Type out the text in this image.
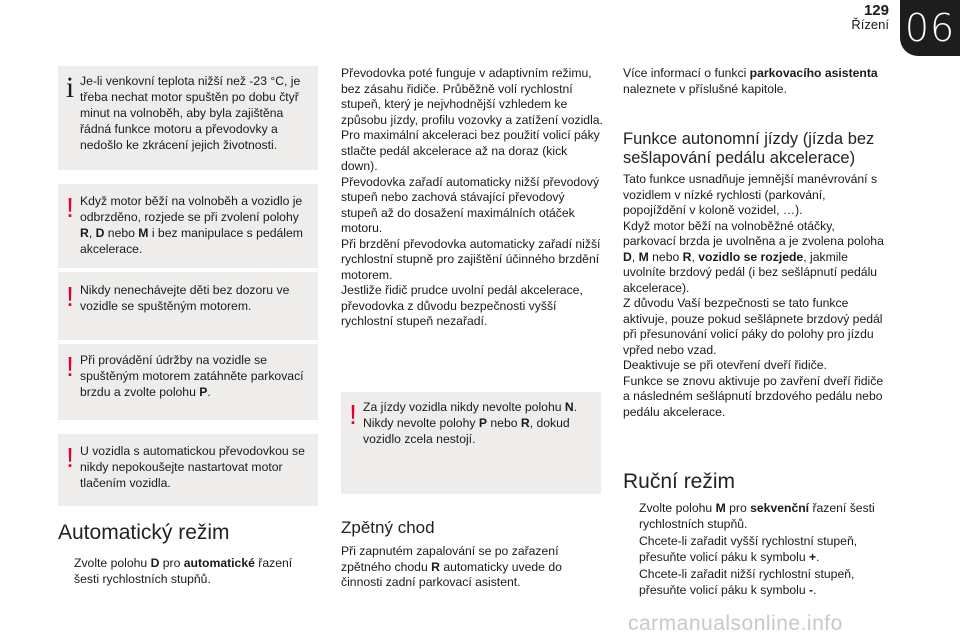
129
Řízení 06
i Je-li venkovní teplota nižší než -23 °C, je třeba nechat motor spuštěn po dobu čtyř minut na volnoběh, aby byla zajištěna řádná funkce motoru a převodovky a nedošlo ke zkrácení jejich životnosti.
! Když motor běží na volnoběh a vozidlo je odbrzděno, rozjede se při zvolení polohy R, D nebo M i bez manipulace s pedálem akcelerace.
! Nikdy nenechávejte děti bez dozoru ve vozidle se spuštěným motorem.
! Při provádění údržby na vozidle se spuštěným motorem zatáhněte parkovací brzdu a zvolte polohu P.
! U vozidla s automatickou převodovkou se nikdy nepokoušejte nastartovat motor tlačením vozidla.
Automatický režim
Zvolte polohu D pro automatické řazení šesti rychlostních stupňů.
Převodovka poté funguje v adaptivním režimu, bez zásahu řidiče. Průběžně volí rychlostní stupeň, který je nejvhodnější vzhledem ke způsobu jízdy, profilu vozovky a zatížení vozidla.
Pro maximální akceleraci bez použití volicí páky stlačte pedál akcelerace až na doraz (kick down).
Převodovka zařadí automaticky nižší převodový stupeň nebo zachová stávající převodový stupeň až do dosažení maximálních otáček motoru.
Při brzdění převodovka automaticky zařadí nižší rychlostní stupně pro zajištění účinného brzdění motorem.
Jestliže řidič prudce uvolní pedál akcelerace, převodovka z důvodu bezpečnosti vyšší rychlostní stupeň nezařadí.
! Za jízdy vozidla nikdy nevolte polohu N.
Nikdy nevolte polohy P nebo R, dokud vozidlo zcela nestojí.
Zpětný chod
Při zapnutém zapalování se po zařazení zpětného chodu R automaticky uvede do činnosti zadní parkovací asistent.
Více informací o funkci parkovacího asistenta naleznete v příslušné kapitole.
Funkce autonomní jízdy (jízda bez sešlapování pedálu akcelerace)
Tato funkce usnadňuje jemnější manévrování s vozidlem v nízké rychlosti (parkování, popojíždění v koloně vozidel, …).
Když motor běží na volnoběžné otáčky, parkovací brzda je uvolněna a je zvolena poloha D, M nebo R, vozidlo se rozjede, jakmile uvolníte brzdový pedál (i bez sešlápnutí pedálu akcelerace).
Z důvodu Vaší bezpečnosti se tato funkce aktivuje, pouze pokud sešlápnete brzdový pedál při přesunování volicí páky do polohy pro jízdu vpřed nebo vzad.
Deaktivuje se při otevření dveří řidiče.
Funkce se znovu aktivuje po zavření dveří řidiče a následném sešlápnutí brzdového pedálu nebo pedálu akcelerace.
Ruční režim
Zvolte polohu M pro sekvenční řazení šesti rychlostních stupňů.
Chcete-li zařadit vyšší rychlostní stupeň, přesuňte volicí páku k symbolu +.
Chcete-li zařadit nižší rychlostní stupeň, přesuňte volicí páku k symbolu -.
carmanualsonline.info
